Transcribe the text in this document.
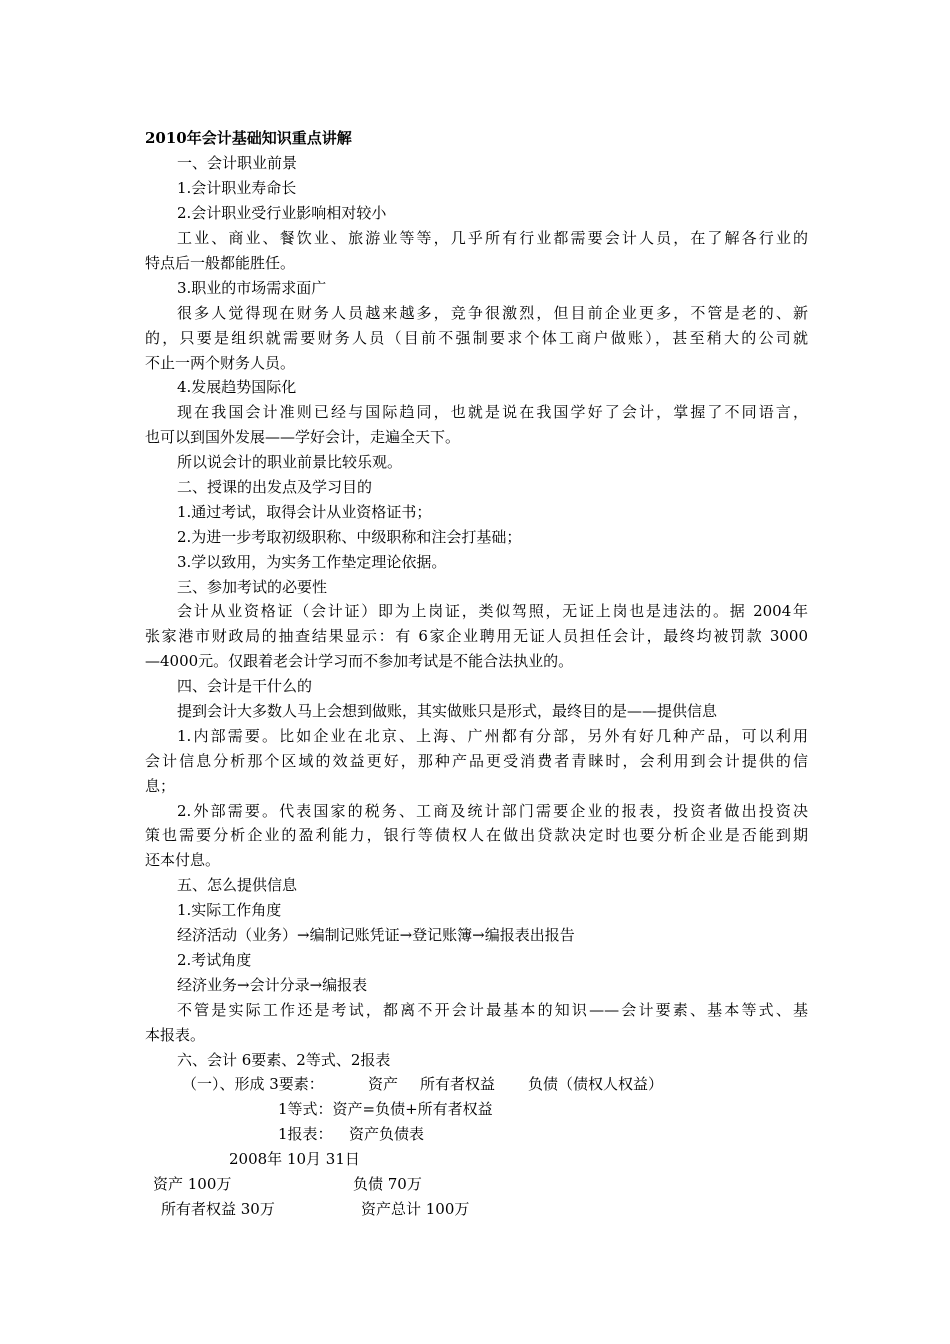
2010年会计基础知识重点讲解
一、会计职业前景
1.会计职业寿命长
2.会计职业受行业影响相对较小
工业、商业、餐饮业、旅游业等等，几乎所有行业都需要会计人员，在了解各行业的
特点后一般都能胜任。
3.职业的市场需求面广
很多人觉得现在财务人员越来越多，竞争很激烈，但目前企业更多，不管是老的、新
的，只要是组织就需要财务人员（目前不强制要求个体工商户做账），甚至稍大的公司就
不止一两个财务人员。
4.发展趋势国际化
现在我国会计准则已经与国际趋同，也就是说在我国学好了会计，掌握了不同语言，
也可以到国外发展——学好会计，走遍全天下。
所以说会计的职业前景比较乐观。
二、授课的出发点及学习目的
1.通过考试，取得会计从业资格证书；
2.为进一步考取初级职称、中级职称和注会打基础；
3.学以致用，为实务工作垫定理论依据。
三、参加考试的必要性
会计从业资格证（会计证）即为上岗证，类似驾照，无证上岗也是违法的。据 2004年
张家港市财政局的抽查结果显示：有 6家企业聘用无证人员担任会计，最终均被罚款 3000
—4000元。仅跟着老会计学习而不参加考试是不能合法执业的。
四、会计是干什么的
提到会计大多数人马上会想到做账，其实做账只是形式，最终目的是——提供信息
1.内部需要。比如企业在北京、上海、广州都有分部，另外有好几种产品，可以利用
会计信息分析那个区域的效益更好，那种产品更受消费者青睐时，会利用到会计提供的信
息；
2.外部需要。代表国家的税务、工商及统计部门需要企业的报表，投资者做出投资决
策也需要分析企业的盈利能力，银行等债权人在做出贷款决定时也要分析企业是否能到期
还本付息。
五、怎么提供信息
1.实际工作角度
经济活动（业务）→编制记账凭证→登记账簿→编报表出报告
2.考试角度
经济业务→会计分录→编报表
不管是实际工作还是考试，都离不开会计最基本的知识——会计要素、基本等式、基
本报表。
六、会计 6要素、2等式、2报表
（一）、形成 3要素：	资产 所有者权益 负债（债权人权益）
1等式：资产=负债+所有者权益
1报表： 资产负债表
2008年 10月 31日
资产 100万	负债 70万
所有者权益 30万	资产总计 100万
